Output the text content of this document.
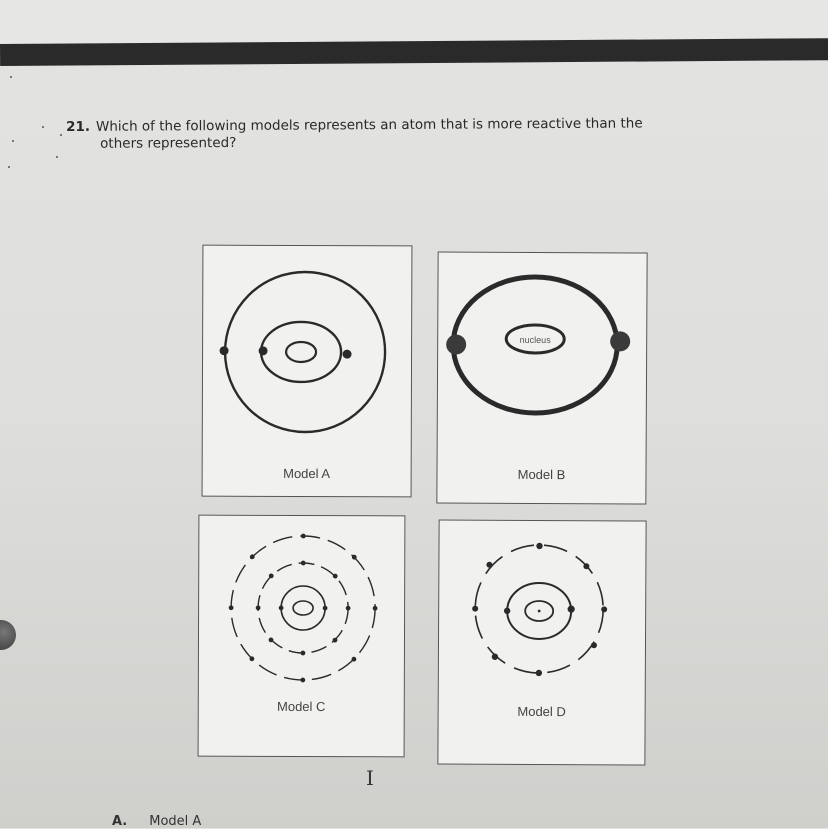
21. Which of the following models represents an atom that is more reactive than the
others represented?
Model A
nucleus
Model B
Model C	Model D
I
A. Model A
